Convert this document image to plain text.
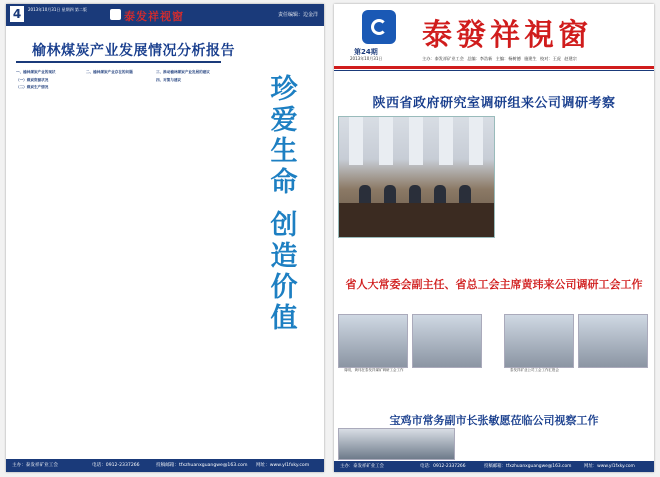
4	2013年10月31日 星期四 第二版
泰发祥视窗	责任编辑：边金洋
榆林煤炭产业发展情况分析报告
一、榆林煤炭产业的现状
（一）煤炭资源状况
（二）煤炭生产情况
二、榆林煤炭产业存在的问题	三、推动榆林煤炭产业发展的建议
四、对策与建议	珍
爱
生
命
创
造
价
值
主办：泰发祥矿业工会	电话：0912-2337266	投稿邮箱：tfxzhuanxguangwe@163.com 网址：www.yl1fxky.com
第24期
2013年10月31日
泰發祥視窗
主办：泰发祥矿业工会 总编：李浩新 主编：杨树德 施建生 校对：王虎 赵建宗
陕西省政府研究室调研组来公司调研考察
省人大常委会副主任、省总工会主席黄玮来公司调研工会工作
周明，黄玮在泰发祥煤矿调研工会工作	泰发祥矿业公司工会工作汇报会
宝鸡市常务副市长张敏愿莅临公司视察工作
主办：泰发祥矿业工会	电话：0912-2337266	投稿邮箱：tfxzhuanxguangwe@163.com	网址：www.yl1fxky.com
